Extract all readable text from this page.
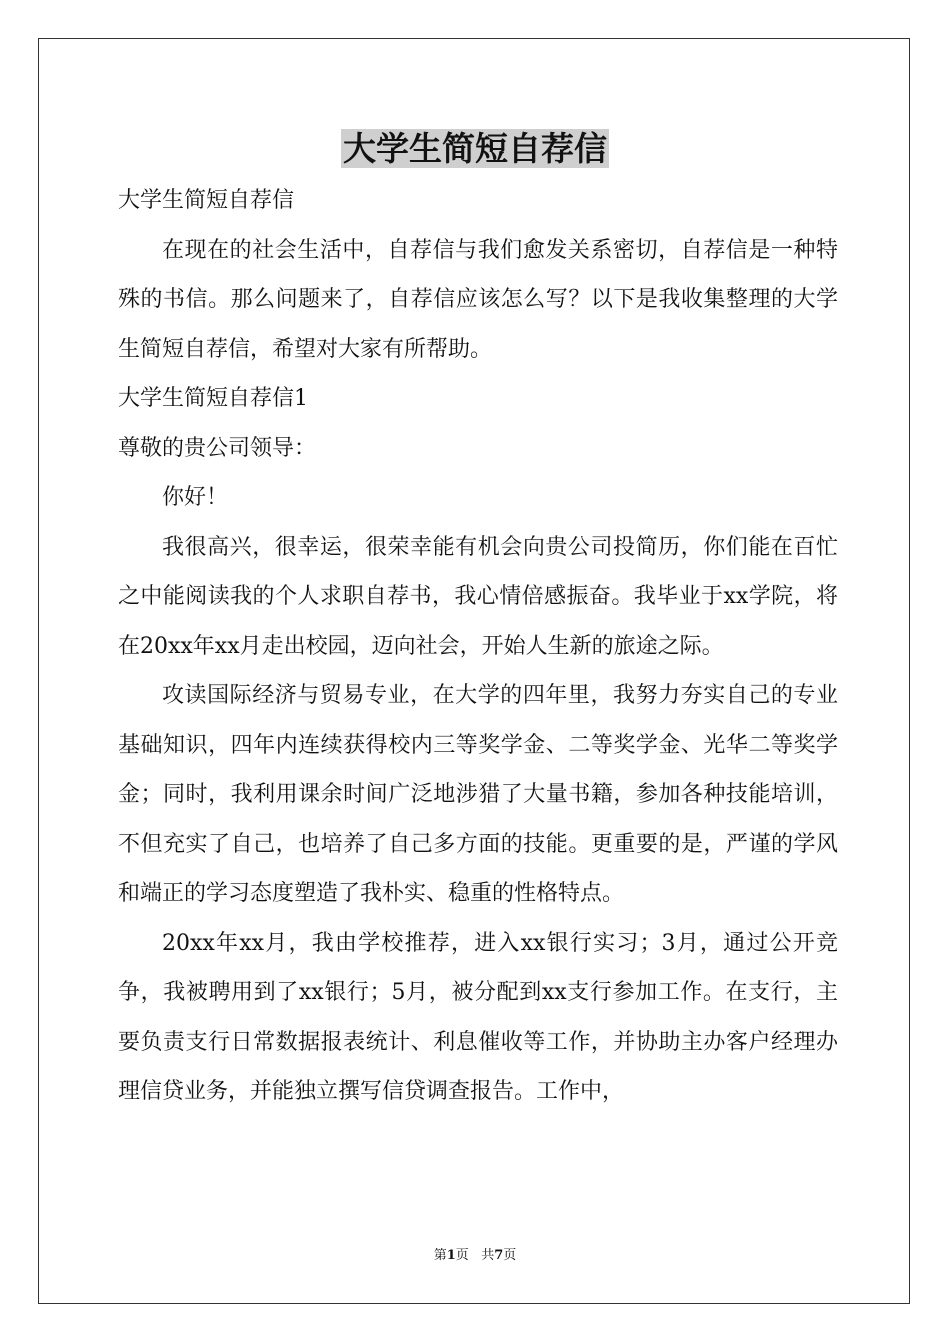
大学生简短自荐信

大学生简短自荐信

在现在的社会生活中，自荐信与我们愈发关系密切，自荐信是一种特殊的书信。那么问题来了，自荐信应该怎么写？以下是我收集整理的大学生简短自荐信，希望对大家有所帮助。

大学生简短自荐信1

尊敬的贵公司领导：

你好！

我很高兴，很幸运，很荣幸能有机会向贵公司投简历，你们能在百忙之中能阅读我的个人求职自荐书，我心情倍感振奋。我毕业于xx学院，将在20xx年xx月走出校园，迈向社会，开始人生新的旅途之际。

攻读国际经济与贸易专业，在大学的四年里，我努力夯实自己的专业基础知识，四年内连续获得校内三等奖学金、二等奖学金、光华二等奖学金；同时，我利用课余时间广泛地涉猎了大量书籍，参加各种技能培训，不但充实了自己，也培养了自己多方面的技能。更重要的是，严谨的学风和端正的学习态度塑造了我朴实、稳重的性格特点。

20xx年xx月，我由学校推荐，进入xx银行实习；3月，通过公开竞争，我被聘用到了xx银行；5月，被分配到xx支行参加工作。在支行，主要负责支行日常数据报表统计、利息催收等工作，并协助主办客户经理办理信贷业务，并能独立撰写信贷调查报告。工作中，

第1页 共7页
